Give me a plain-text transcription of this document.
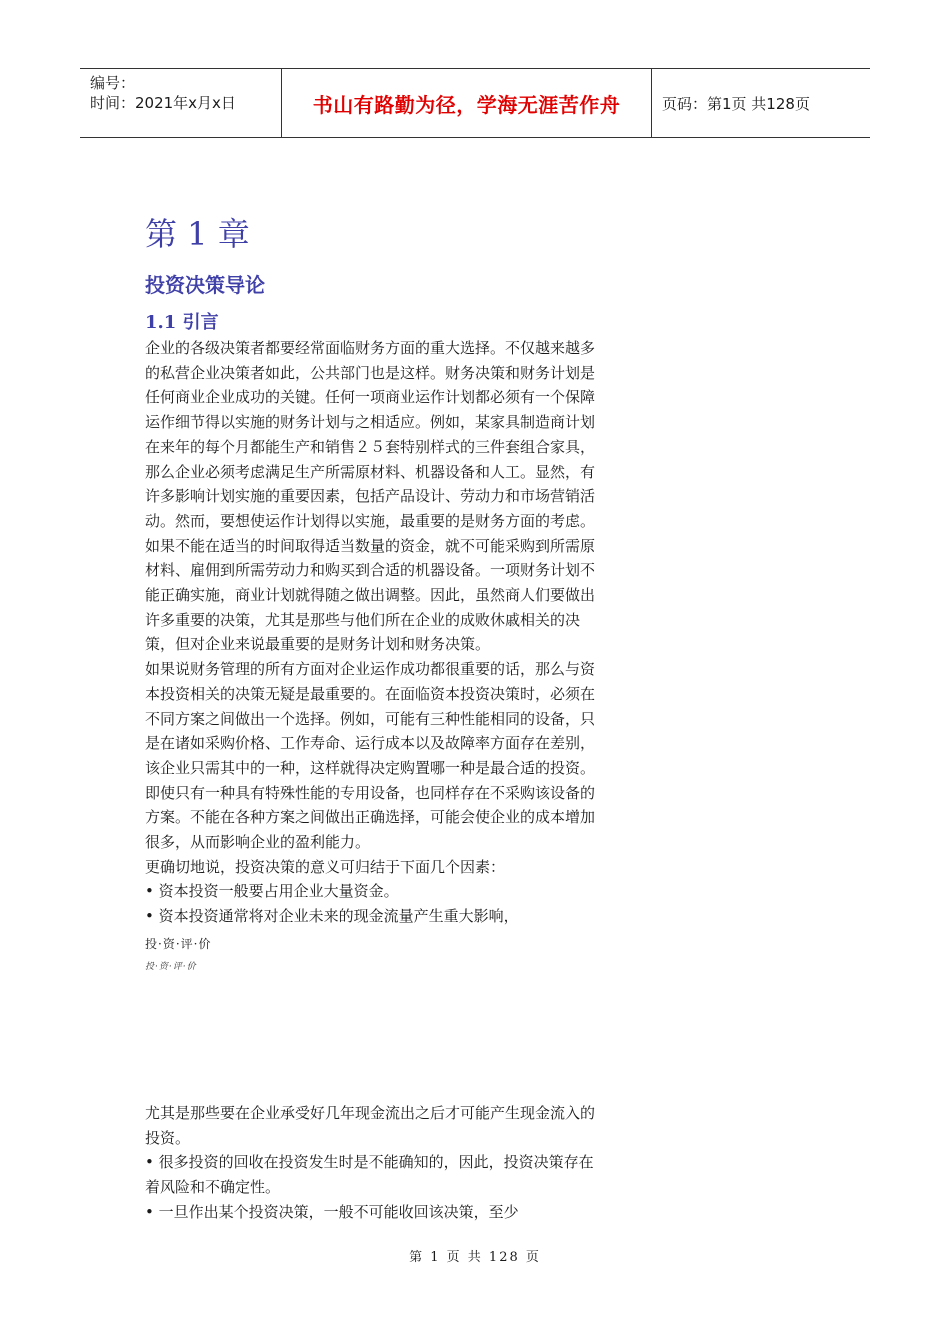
编号：
时间：2021年x月x日	书山有路勤为径，学海无涯苦作舟	页码：第1页 共128页
第 1 章
投资决策导论
1.1 引言

企业的各级决策者都要经常面临财务方面的重大选择。不仅越来越多的私营企业决策者如此，公共部门也是这样。财务决策和财务计划是任何商业企业成功的关键。任何一项商业运作计划都必须有一个保障运作细节得以实施的财务计划与之相适应。例如，某家具制造商计划在来年的每个月都能生产和销售２５套特别样式的三件套组合家具，那么企业必须考虑满足生产所需原材料、机器设备和人工。显然，有许多影响计划实施的重要因素，包括产品设计、劳动力和市场营销活动。然而，要想使运作计划得以实施，最重要的是财务方面的考虑。如果不能在适当的时间取得适当数量的资金，就不可能采购到所需原材料、雇佣到所需劳动力和购买到合适的机器设备。一项财务计划不能正确实施，商业计划就得随之做出调整。因此，虽然商人们要做出许多重要的决策，尤其是那些与他们所在企业的成败休戚相关的决策，但对企业来说最重要的是财务计划和财务决策。

如果说财务管理的所有方面对企业运作成功都很重要的话，那么与资本投资相关的决策无疑是最重要的。在面临资本投资决策时，必须在不同方案之间做出一个选择。例如，可能有三种性能相同的设备，只是在诸如采购价格、工作寿命、运行成本以及故障率方面存在差别，该企业只需其中的一种，这样就得决定购置哪一种是最合适的投资。即使只有一种具有特殊性能的专用设备，也同样存在不采购该设备的方案。不能在各种方案之间做出正确选择，可能会使企业的成本增加很多，从而影响企业的盈利能力。

更确切地说，投资决策的意义可归结于下面几个因素：

• 资本投资一般要占用企业大量资金。

• 资本投资通常将对企业未来的现金流量产生重大影响，

投·资·评·价

投·资·评·价

尤其是那些要在企业承受好几年现金流出之后才可能产生现金流入的投资。

• 很多投资的回收在投资发生时是不能确知的，因此，投资决策存在着风险和不确定性。

• 一旦作出某个投资决策，一般不可能收回该决策，至少

第 1 页 共 128 页
